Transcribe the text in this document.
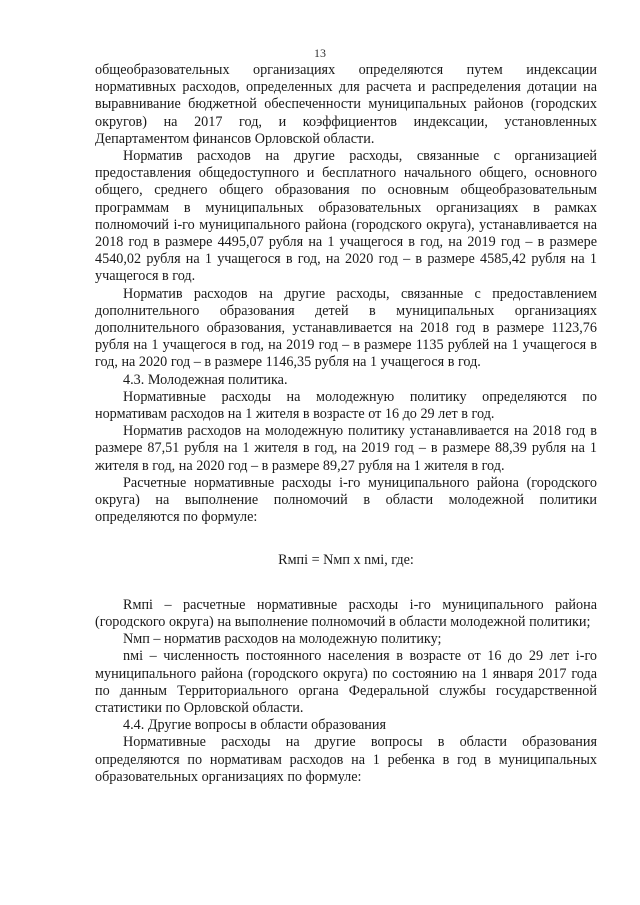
13

общеобразовательных организациях определяются путем индексации нормативных расходов, определенных для расчета и распределения дотации на выравнивание бюджетной обеспеченности муниципальных районов (городских округов) на 2017 год, и коэффициентов индексации, установленных Департаментом финансов Орловской области.

Норматив расходов на другие расходы, связанные с организацией предоставления общедоступного и бесплатного начального общего, основного общего, среднего общего образования по основным общеобразовательным программам в муниципальных образовательных организациях в рамках полномочий i-го муниципального района (городского округа), устанавливается на 2018 год в размере 4495,07 рубля на 1 учащегося в год, на 2019 год – в размере 4540,02 рубля на 1 учащегося в год, на 2020 год – в размере 4585,42 рубля на 1 учащегося в год.

Норматив расходов на другие расходы, связанные с предоставлением дополнительного образования детей в муниципальных организациях дополнительного образования, устанавливается на 2018 год в размере 1123,76 рубля на 1 учащегося в год, на 2019 год – в размере 1135 рублей на 1 учащегося в год, на 2020 год – в размере 1146,35 рубля на 1 учащегося в год.

4.3. Молодежная политика.

Нормативные расходы на молодежную политику определяются по нормативам расходов на 1 жителя в возрасте от 16 до 29 лет в год.

Норматив расходов на молодежную политику устанавливается на 2018 год в размере 87,51 рубля на 1 жителя в год, на 2019 год – в размере 88,39 рубля на 1 жителя в год, на 2020 год – в размере 89,27 рубля на 1 жителя в год.

Расчетные нормативные расходы i-го муниципального района (городского округа) на выполнение полномочий в области молодежной политики определяются по формуле:

Rмпi = Nмп х nмi, где:

Rмпi – расчетные нормативные расходы i-го муниципального района (городского округа) на выполнение полномочий в области молодежной политики;

Nмп – норматив расходов на молодежную политику;

nмi – численность постоянного населения в возрасте от 16 до 29 лет i-го муниципального района (городского округа) по состоянию на 1 января 2017 года по данным Территориального органа Федеральной службы государственной статистики по Орловской области.

4.4. Другие вопросы в области образования

Нормативные расходы на другие вопросы в области образования определяются по нормативам расходов на 1 ребенка в год в муниципальных образовательных организациях по формуле:
